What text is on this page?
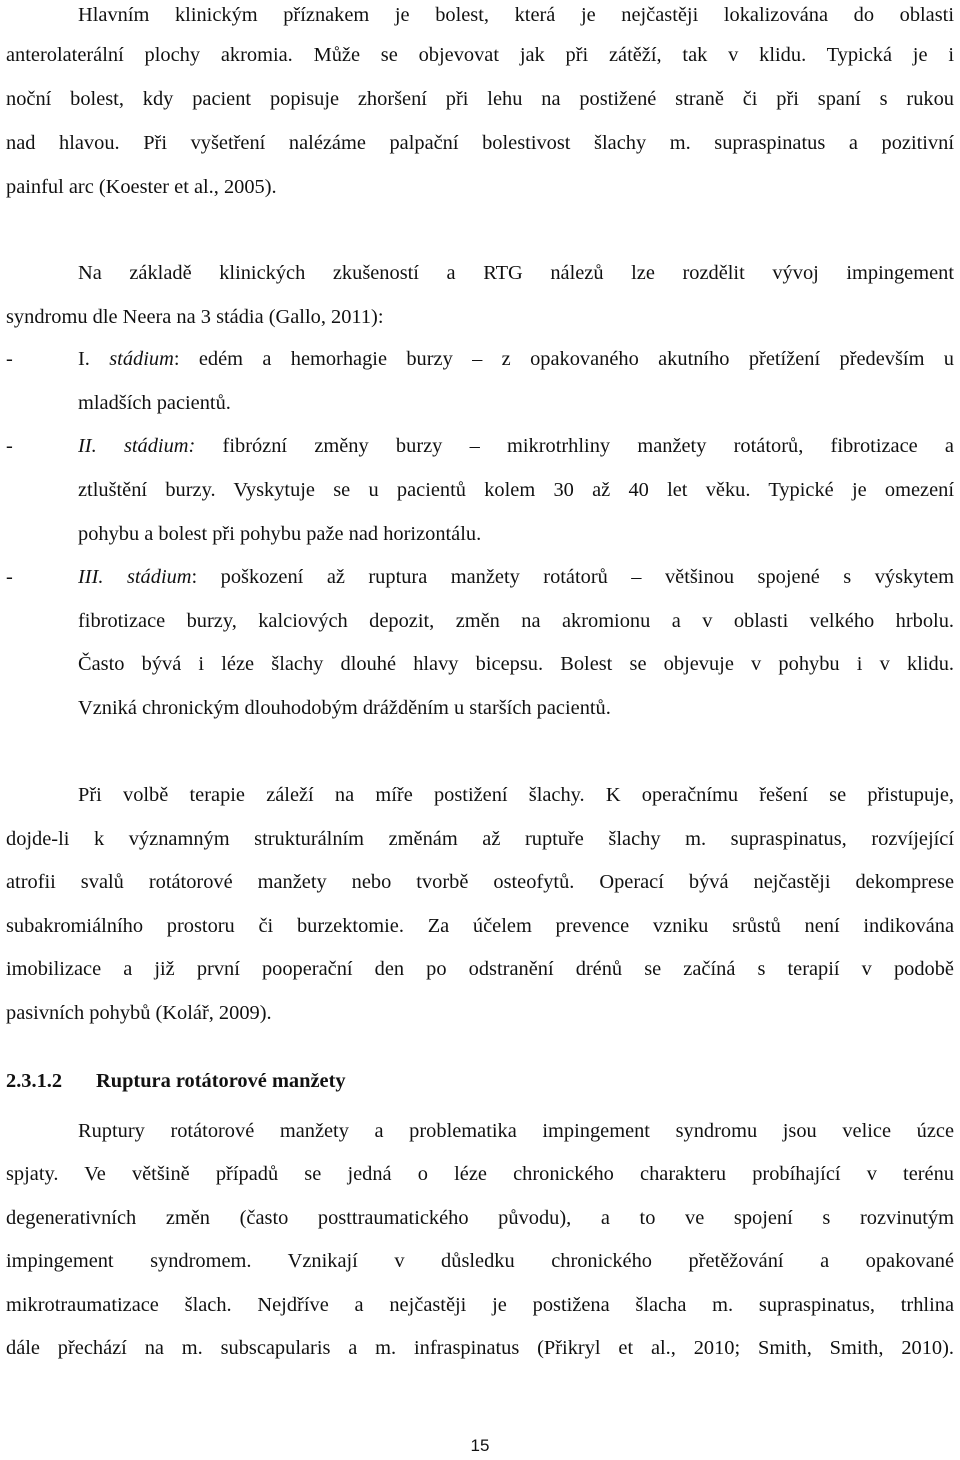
Hlavním klinickým příznakem je bolest, která je nejčastěji lokalizována do oblasti
anterolaterální plochy akromia. Může se objevovat jak při zátěží, tak v klidu. Typická je i
noční bolest, kdy pacient popisuje zhoršení při lehu na postižené straně či při spaní s rukou
nad hlavou. Při vyšetření nalézáme palpační bolestivost šlachy m. supraspinatus a pozitivní
painful arc (Koester et al., 2005).
Na základě klinických zkušeností a RTG nálezů lze rozdělit vývoj impingement
syndromu dle Neera na 3 stádia (Gallo, 2011):
-	I. stádium: edém a hemorhagie burzy – z opakovaného akutního přetížení především u
mladších pacientů.
-	II. stádium: fibrózní změny burzy – mikrotrhliny manžety rotátorů, fibrotizace a
ztluštění burzy. Vyskytuje se u pacientů kolem 30 až 40 let věku. Typické je omezení
pohybu a bolest při pohybu paže nad horizontálu.
-	III. stádium: poškození až ruptura manžety rotátorů – většinou spojené s výskytem
fibrotizace burzy, kalciových depozit, změn na akromionu a v oblasti velkého hrbolu.
Často bývá i léze šlachy dlouhé hlavy bicepsu. Bolest se objevuje v pohybu i v klidu.
Vzniká chronickým dlouhodobým drážděním u starších pacientů.
Při volbě terapie záleží na míře postižení šlachy. K operačnímu řešení se přistupuje,
dojde-li k významným strukturálním změnám až ruptuře šlachy m. supraspinatus, rozvíjející
atrofii svalů rotátorové manžety nebo tvorbě osteofytů. Operací bývá nejčastěji dekomprese
subakromiálního prostoru či burzektomie. Za účelem prevence vzniku srůstů není indikována
imobilizace a již první pooperační den po odstranění drénů se začíná s terapií v podobě
pasivních pohybů (Kolář, 2009).
2.3.1.2 Ruptura rotátorové manžety
Ruptury rotátorové manžety a problematika impingement syndromu jsou velice úzce
spjaty. Ve většině případů se jedná o léze chronického charakteru probíhající v terénu
degenerativních změn (často posttraumatického původu), a to ve spojení s rozvinutým
impingement syndromem. Vznikají v důsledku chronického přetěžování a opakované
mikrotraumatizace šlach. Nejdříve a nejčastěji je postižena šlacha m. supraspinatus, trhlina
dále přechází na m. subscapularis a m. infraspinatus (Přikryl et al., 2010; Smith, Smith, 2010).
15
